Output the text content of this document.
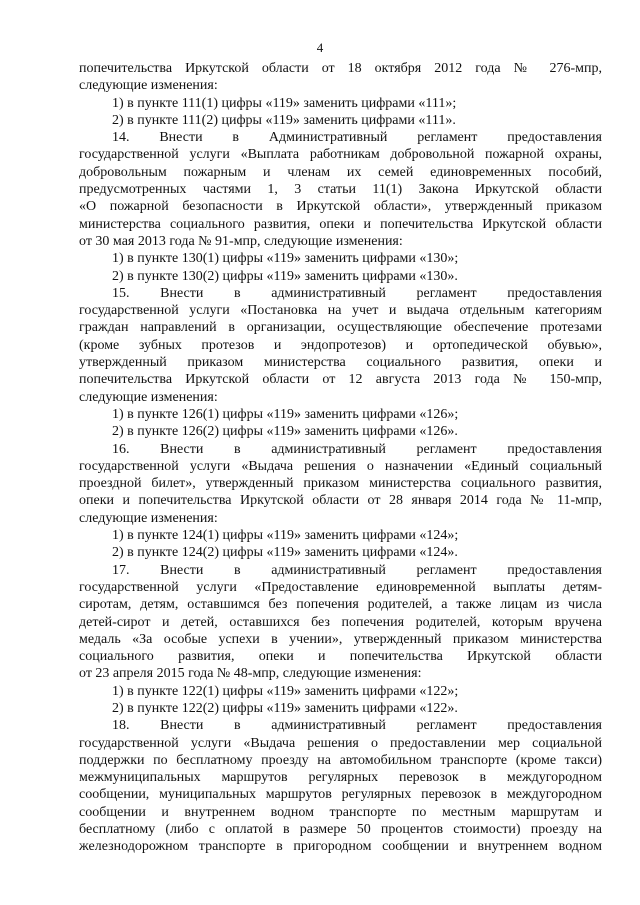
4
попечительства Иркутской области от 18 октября 2012 года № 276-мпр,
следующие изменения:
1) в пункте 111(1) цифры «119» заменить цифрами «111»;
2) в пункте 111(2) цифры «119» заменить цифрами «111».
14. Внести в Административный регламент предоставления
государственной услуги «Выплата работникам добровольной пожарной охраны,
добровольным пожарным и членам их семей единовременных пособий,
предусмотренных частями 1, 3 статьи 11(1) Закона Иркутской области
«О пожарной безопасности в Иркутской области», утвержденный приказом
министерства социального развития, опеки и попечительства Иркутской области
от 30 мая 2013 года № 91-мпр, следующие изменения:
1) в пункте 130(1) цифры «119» заменить цифрами «130»;
2) в пункте 130(2) цифры «119» заменить цифрами «130».
15. Внести в административный регламент предоставления
государственной услуги «Постановка на учет и выдача отдельным категориям
граждан направлений в организации, осуществляющие обеспечение протезами
(кроме зубных протезов и эндопротезов) и ортопедической обувью»,
утвержденный приказом министерства социального развития, опеки и
попечительства Иркутской области от 12 августа 2013 года № 150-мпр,
следующие изменения:
1) в пункте 126(1) цифры «119» заменить цифрами «126»;
2) в пункте 126(2) цифры «119» заменить цифрами «126».
16. Внести в административный регламент предоставления
государственной услуги «Выдача решения о назначении «Единый социальный
проездной билет», утвержденный приказом министерства социального развития,
опеки и попечительства Иркутской области от 28 января 2014 года № 11-мпр,
следующие изменения:
1) в пункте 124(1) цифры «119» заменить цифрами «124»;
2) в пункте 124(2) цифры «119» заменить цифрами «124».
17. Внести в административный регламент предоставления
государственной услуги «Предоставление единовременной выплаты детям-
сиротам, детям, оставшимся без попечения родителей, а также лицам из числа
детей-сирот и детей, оставшихся без попечения родителей, которым вручена
медаль «За особые успехи в учении», утвержденный приказом министерства
социального развития, опеки и попечительства Иркутской области
от 23 апреля 2015 года № 48-мпр, следующие изменения:
1) в пункте 122(1) цифры «119» заменить цифрами «122»;
2) в пункте 122(2) цифры «119» заменить цифрами «122».
18. Внести в административный регламент предоставления
государственной услуги «Выдача решения о предоставлении мер социальной
поддержки по бесплатному проезду на автомобильном транспорте (кроме такси)
межмуниципальных маршрутов регулярных перевозок в междугородном
сообщении, муниципальных маршрутов регулярных перевозок в междугородном
сообщении и внутреннем водном транспорте по местным маршрутам и
бесплатному (либо с оплатой в размере 50 процентов стоимости) проезду на
железнодорожном транспорте в пригородном сообщении и внутреннем водном
